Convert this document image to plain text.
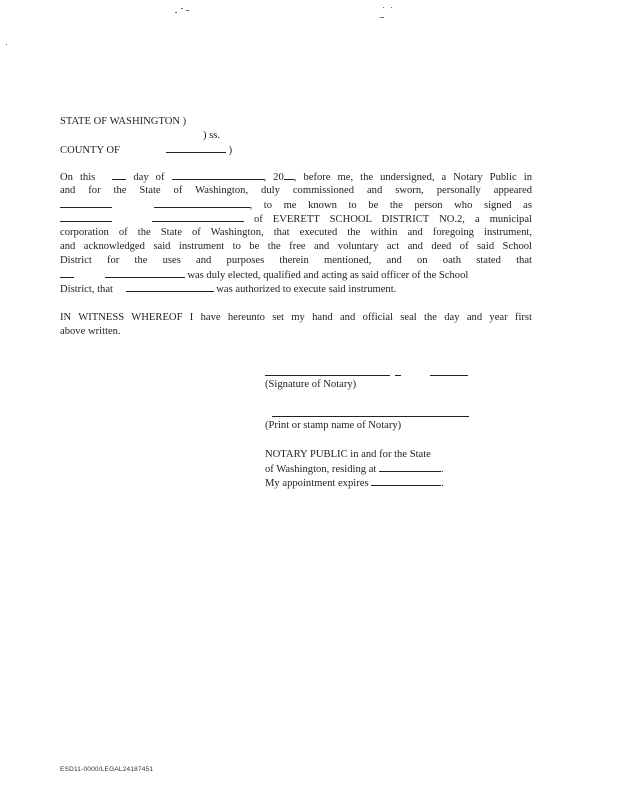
STATE OF WASHINGTON )
) ss.
COUNTY OF	)
On this	day of	, 20 , before me, the undersigned, a Notary Public in
and for the State of Washington, duly commissioned and sworn, personally appeared
, to me known to be the person who signed as
of EVERETT SCHOOL DISTRICT NO.2, a municipal
corporation of the State of Washington, that executed the within and foregoing instrument,
and acknowledged said instrument to be the free and voluntary act and deed of said School
District for the uses and purposes therein mentioned, and on oath stated that
was duly elected, qualified and acting as said officer of the School
District, that	was authorized to execute said instrument.
IN WITNESS WHEREOF I have hereunto set my hand and official seal the day and year first
above written.
(Signature of Notary)
(Print or stamp name of Notary)
NOTARY PUBLIC in and for the State
of Washington, residing at	.
My appointment expires	.
ESD11-0000/LEGAL24187451
